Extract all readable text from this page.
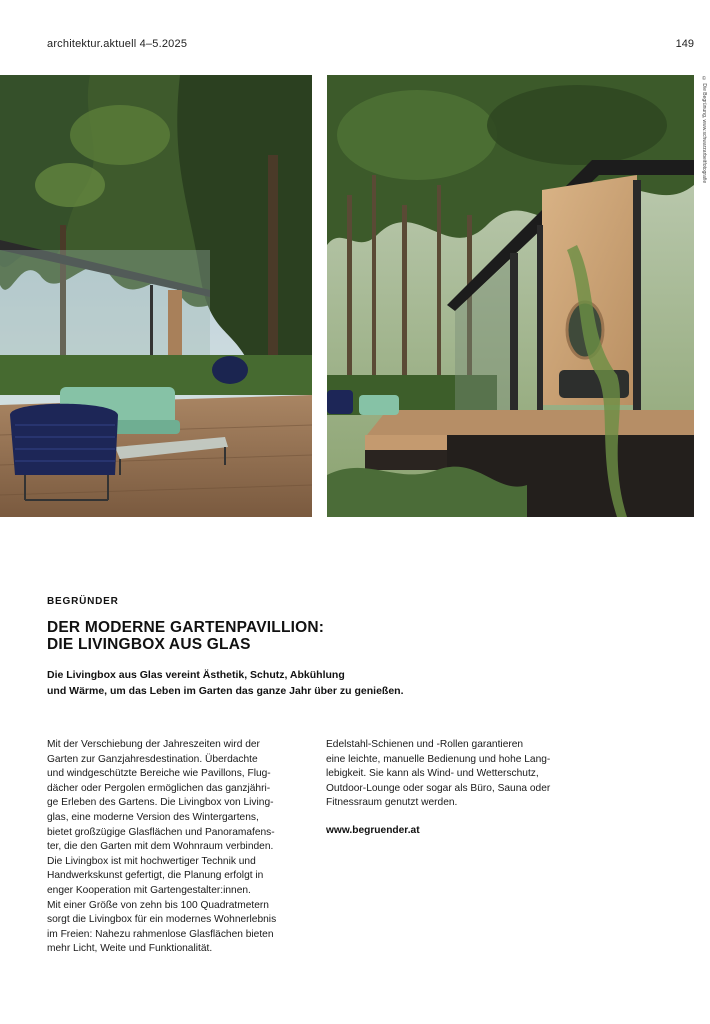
architektur.aktuell 4–5.2025	149
© Die Begrünung, www.schwarzarbeitfotografie
BEGRÜNDER
DER MODERNE GARTENPAVILLION:
DIE LIVINGBOX AUS GLAS

Die Livingbox aus Glas vereint Ästhetik, Schutz, Abkühlung
und Wärme, um das Leben im Garten das ganze Jahr über zu genießen.

Mit der Verschiebung der Jahreszeiten wird der

Garten zur Ganzjahresdestination. Überdachte

und windgeschützte Bereiche wie Pavillons, Flug-

dächer oder Pergolen ermöglichen das ganzjähri-

ge Erleben des Gartens. Die Livingbox von Living-

glas, eine moderne Version des Wintergartens,

bietet großzügige Glasflächen und Panoramafens-

ter, die den Garten mit dem Wohnraum verbinden.

Die Livingbox ist mit hochwertiger Technik und

Handwerkskunst gefertigt, die Planung erfolgt in

enger Kooperation mit Gartengestalter:innen.

Mit einer Größe von zehn bis 100 Quadratmetern

sorgt die Livingbox für ein modernes Wohnerlebnis

im Freien: Nahezu rahmenlose Glasflächen bieten

mehr Licht, Weite und Funktionalität.

Edelstahl-Schienen und -Rollen garantieren

eine leichte, manuelle Bedienung und hohe Lang-

lebigkeit. Sie kann als Wind- und Wetterschutz,

Outdoor-Lounge oder sogar als Büro, Sauna oder

Fitnessraum genutzt werden.

www.begruender.at
